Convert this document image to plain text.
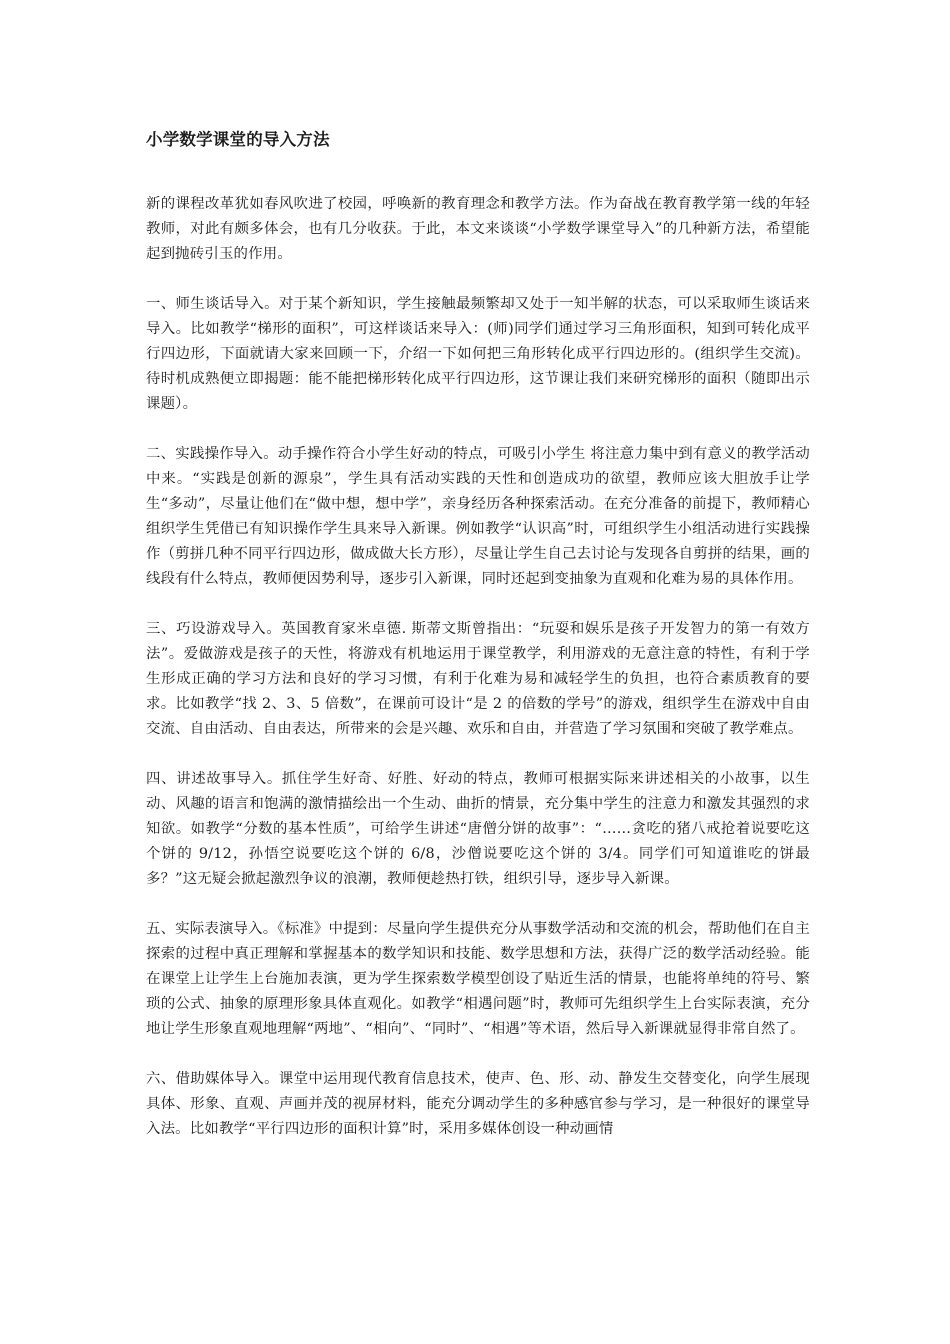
小学数学课堂的导入方法

新的课程改革犹如春风吹进了校园，呼唤新的教育理念和教学方法。作为奋战在教育教学第一线的年轻教师，对此有颇多体会，也有几分收获。于此，本文来谈谈“小学数学课堂导入”的几种新方法，希望能起到抛砖引玉的作用。

一、师生谈话导入。对于某个新知识，学生接触最频繁却又处于一知半解的状态，可以采取师生谈话来导入。比如教学“梯形的面积”，可这样谈话来导入：(师)同学们通过学习三角形面积，知到可转化成平行四边形，下面就请大家来回顾一下，介绍一下如何把三角形转化成平行四边形的。(组织学生交流)。待时机成熟便立即揭题：能不能把梯形转化成平行四边形，这节课让我们来研究梯形的面积（随即出示课题）。

二、实践操作导入。动手操作符合小学生好动的特点，可吸引小学生 将注意力集中到有意义的教学活动中来。“实践是创新的源泉”，学生具有活动实践的天性和创造成功的欲望，教师应该大胆放手让学生“多动”，尽量让他们在“做中想，想中学”，亲身经历各种探索活动。在充分准备的前提下，教师精心组织学生凭借已有知识操作学生具来导入新课。例如教学“认识高”时，可组织学生小组活动进行实践操作（剪拼几种不同平行四边形，做成做大长方形），尽量让学生自己去讨论与发现各自剪拼的结果，画的线段有什么特点，教师便因势利导，逐步引入新课，同时还起到变抽象为直观和化难为易的具体作用。

三、巧设游戏导入。英国教育家米卓德. 斯蒂文斯曾指出：“玩耍和娱乐是孩子开发智力的第一有效方法”。爱做游戏是孩子的天性，将游戏有机地运用于课堂教学，利用游戏的无意注意的特性，有利于学生形成正确的学习方法和良好的学习习惯，有利于化难为易和减轻学生的负担，也符合素质教育的要求。比如教学“找 2、3、5 倍数”，在课前可设计“是 2 的倍数的学号”的游戏，组织学生在游戏中自由交流、自由活动、自由表达，所带来的会是兴趣、欢乐和自由，并营造了学习氛围和突破了教学难点。

四、讲述故事导入。抓住学生好奇、好胜、好动的特点，教师可根据实际来讲述相关的小故事，以生动、风趣的语言和饱满的激情描绘出一个生动、曲折的情景，充分集中学生的注意力和激发其强烈的求知欲。如教学“分数的基本性质”，可给学生讲述“唐僧分饼的故事”：“……贪吃的猪八戒抢着说要吃这个饼的 9/12，孙悟空说要吃这个饼的 6/8，沙僧说要吃这个饼的 3/4。同学们可知道谁吃的饼最多？”这无疑会掀起激烈争议的浪潮，教师便趁热打铁，组织引导，逐步导入新课。

五、实际表演导入。《标准》中提到：尽量向学生提供充分从事数学活动和交流的机会，帮助他们在自主探索的过程中真正理解和掌握基本的数学知识和技能、数学思想和方法，获得广泛的数学活动经验。能在课堂上让学生上台施加表演，更为学生探索数学模型创设了贴近生活的情景，也能将单纯的符号、繁琐的公式、抽象的原理形象具体直观化。如教学“相遇问题”时，教师可先组织学生上台实际表演，充分地让学生形象直观地理解“两地”、“相向”、“同时”、“相遇”等术语，然后导入新课就显得非常自然了。

六、借助媒体导入。课堂中运用现代教育信息技术，使声、色、形、动、静发生交替变化，向学生展现具体、形象、直观、声画并茂的视屏材料，能充分调动学生的多种感官参与学习，是一种很好的课堂导入法。比如教学“平行四边形的面积计算”时，采用多媒体创设一种动画情
